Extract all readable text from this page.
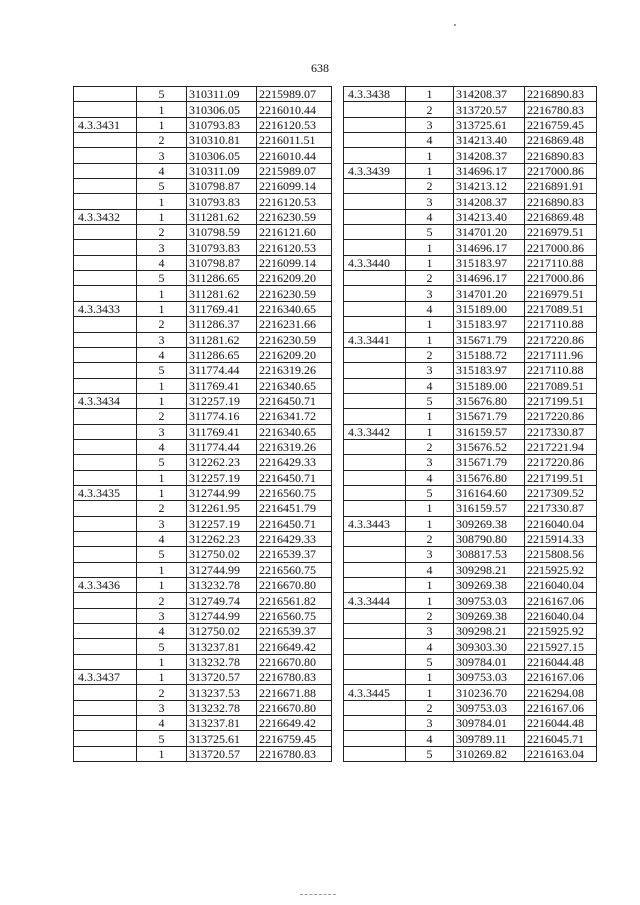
638
	5	310311.09	2215989.07
	1	310306.05	2216010.44
4.3.3431	1	310793.83	2216120.53
	2	310310.81	2216011.51
	3	310306.05	2216010.44
	4	310311.09	2215989.07
	5	310798.87	2216099.14
	1	310793.83	2216120.53
4.3.3432	1	311281.62	2216230.59
	2	310798.59	2216121.60
	3	310793.83	2216120.53
	4	310798.87	2216099.14
	5	311286.65	2216209.20
	1	311281.62	2216230.59
4.3.3433	1	311769.41	2216340.65
	2	311286.37	2216231.66
	3	311281.62	2216230.59
	4	311286.65	2216209.20
	5	311774.44	2216319.26
	1	311769.41	2216340.65
4.3.3434	1	312257.19	2216450.71
	2	311774.16	2216341.72
	3	311769.41	2216340.65
	4	311774.44	2216319.26
	5	312262.23	2216429.33
	1	312257.19	2216450.71
4.3.3435	1	312744.99	2216560.75
	2	312261.95	2216451.79
	3	312257.19	2216450.71
	4	312262.23	2216429.33
	5	312750.02	2216539.37
	1	312744.99	2216560.75
4.3.3436	1	313232.78	2216670.80
	2	312749.74	2216561.82
	3	312744.99	2216560.75
	4	312750.02	2216539.37
	5	313237.81	2216649.42
	1	313232.78	2216670.80
4.3.3437	1	313720.57	2216780.83
	2	313237.53	2216671.88
	3	313232.78	2216670.80
	4	313237.81	2216649.42
	5	313725.61	2216759.45
	1	313720.57	2216780.83
4.3.3438	1	314208.37	2216890.83
	2	313720.57	2216780.83
	3	313725.61	2216759.45
	4	314213.40	2216869.48
	1	314208.37	2216890.83
4.3.3439	1	314696.17	2217000.86
	2	314213.12	2216891.91
	3	314208.37	2216890.83
	4	314213.40	2216869.48
	5	314701.20	2216979.51
	1	314696.17	2217000.86
4.3.3440	1	315183.97	2217110.88
	2	314696.17	2217000.86
	3	314701.20	2216979.51
	4	315189.00	2217089.51
	1	315183.97	2217110.88
4.3.3441	1	315671.79	2217220.86
	2	315188.72	2217111.96
	3	315183.97	2217110.88
	4	315189.00	2217089.51
	5	315676.80	2217199.51
	1	315671.79	2217220.86
4.3.3442	1	316159.57	2217330.87
	2	315676.52	2217221.94
	3	315671.79	2217220.86
	4	315676.80	2217199.51
	5	316164.60	2217309.52
	1	316159.57	2217330.87
4.3.3443	1	309269.38	2216040.04
	2	308790.80	2215914.33
	3	308817.53	2215808.56
	4	309298.21	2215925.92
	1	309269.38	2216040.04
4.3.3444	1	309753.03	2216167.06
	2	309269.38	2216040.04
	3	309298.21	2215925.92
	4	309303.30	2215927.15
	5	309784.01	2216044.48
	1	309753.03	2216167.06
4.3.3445	1	310236.70	2216294.08
	2	309753.03	2216167.06
	3	309784.01	2216044.48
	4	309789.11	2216045.71
	5	310269.82	2216163.04
